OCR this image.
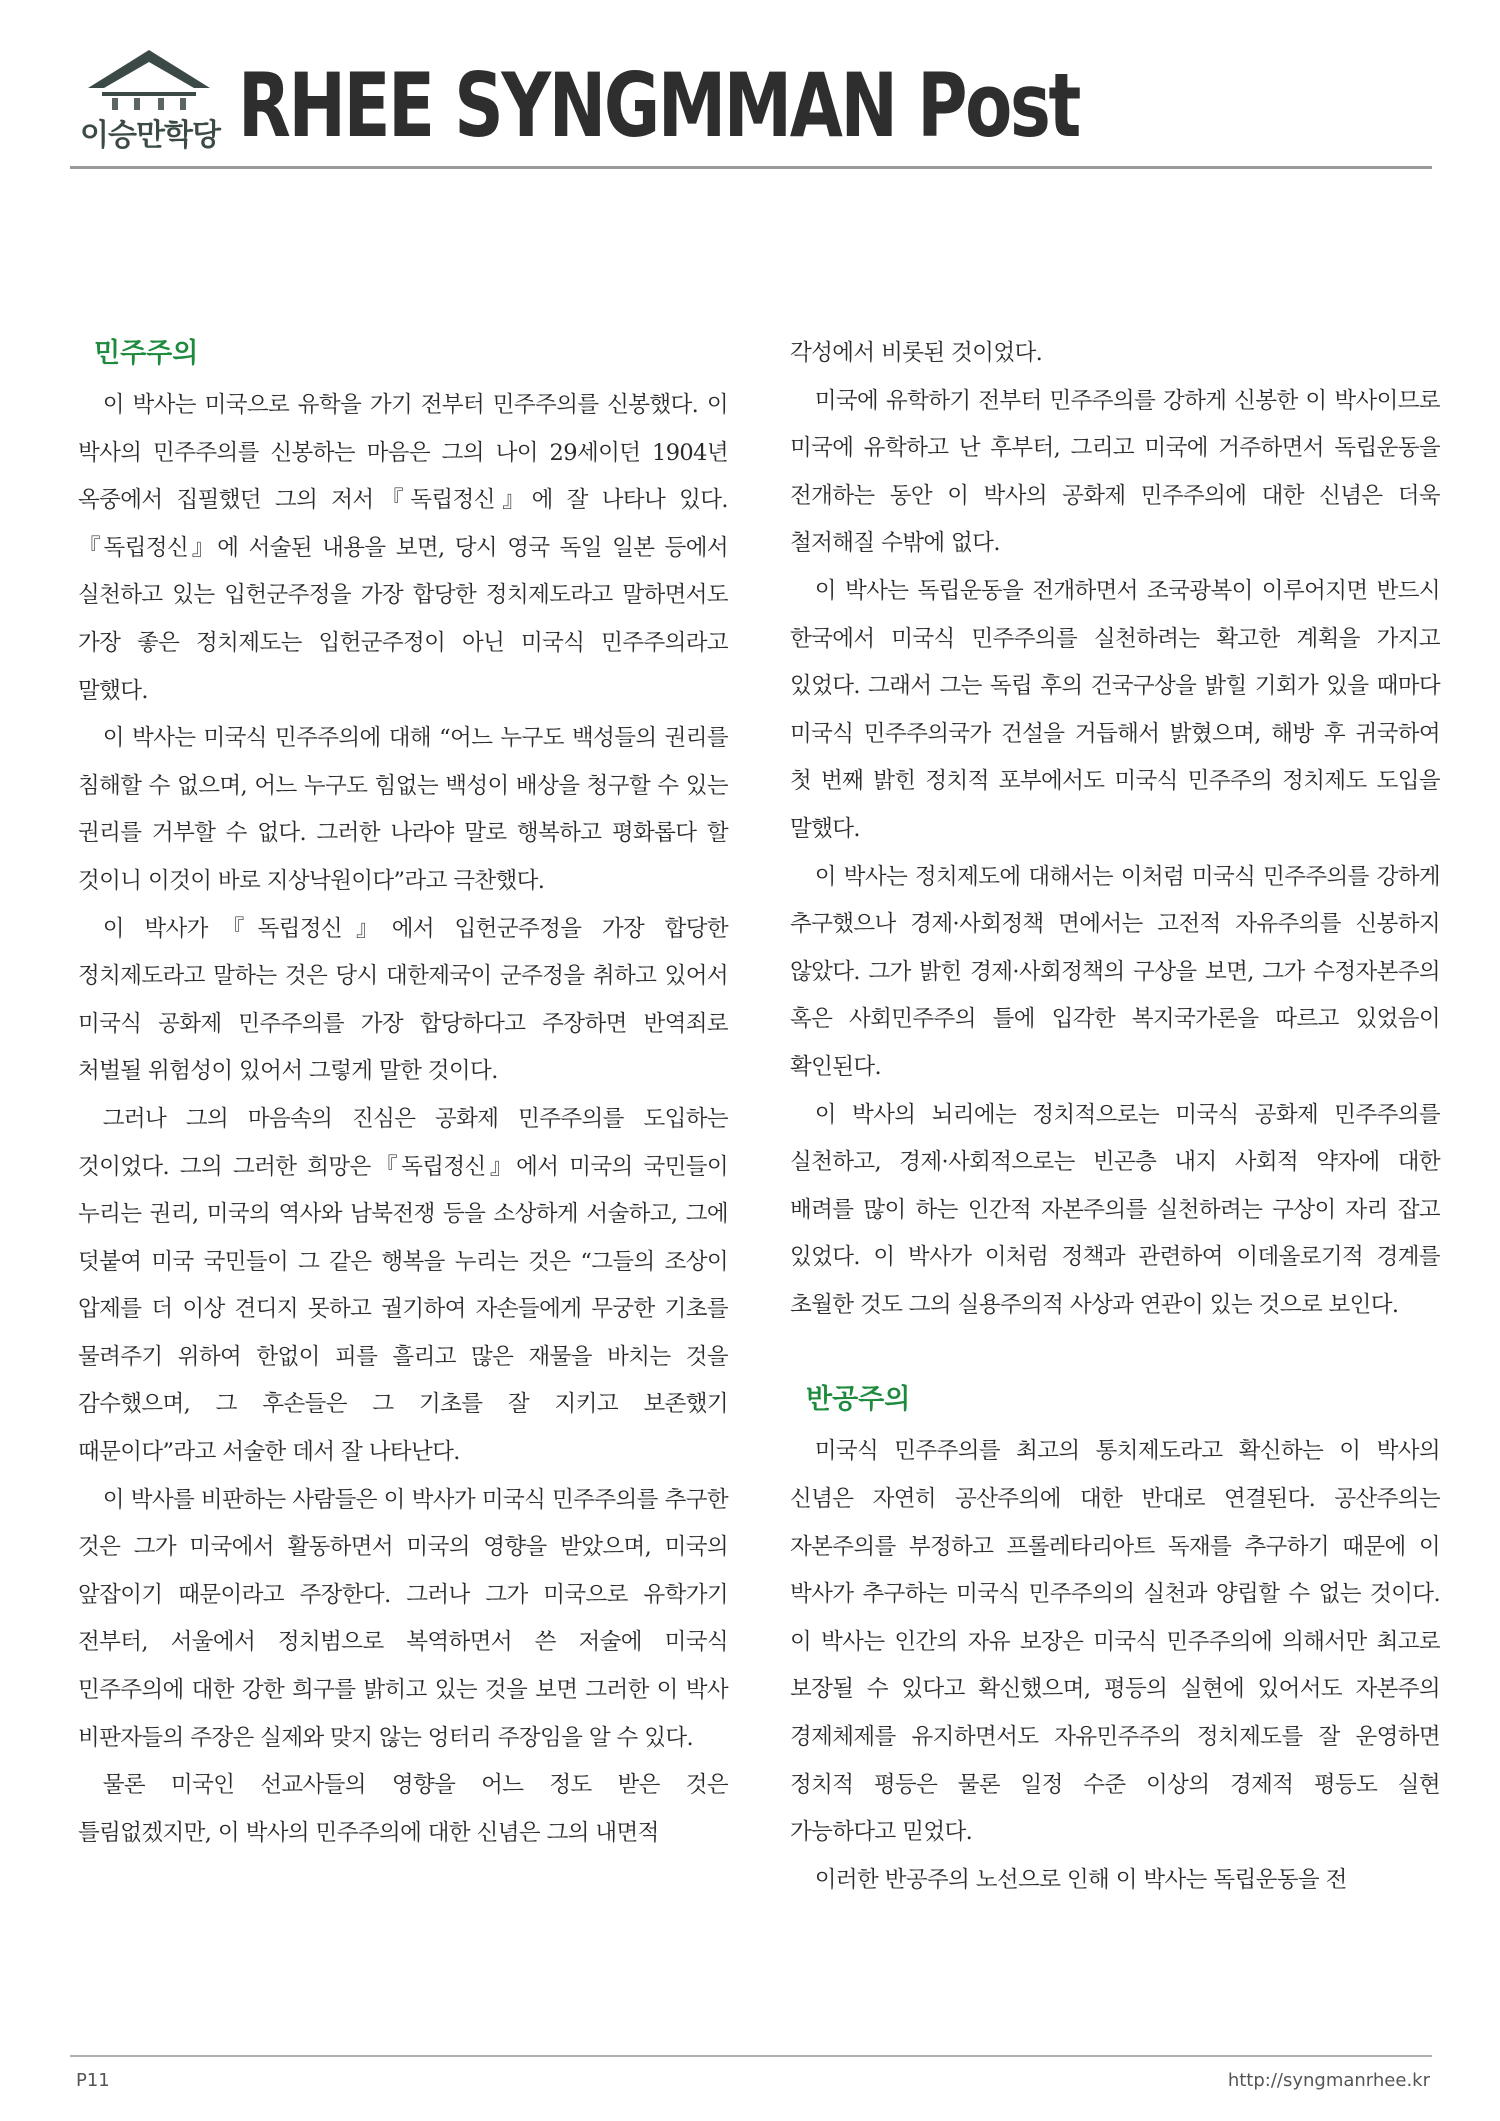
이승만학당 RHEE SYNGMMAN Post
민주주의

이 박사는 미국으로 유학을 가기 전부터 민주주의를 신봉했다. 이 박사의 민주주의를 신봉하는 마음은 그의 나이 29세이던 1904년 옥중에서 집필했던 그의 저서『독립정신』에 잘 나타나 있다.『독립정신』에 서술된 내용을 보면, 당시 영국 독일 일본 등에서 실천하고 있는 입헌군주정을 가장 합당한 정치제도라고 말하면서도 가장 좋은 정치제도는 입헌군주정이 아닌 미국식 민주주의라고 말했다.

이 박사는 미국식 민주주의에 대해 “어느 누구도 백성들의 권리를 침해할 수 없으며, 어느 누구도 힘없는 백성이 배상을 청구할 수 있는 권리를 거부할 수 없다. 그러한 나라야 말로 행복하고 평화롭다 할 것이니 이것이 바로 지상낙원이다”라고 극찬했다.

이 박사가『독립정신』에서 입헌군주정을 가장 합당한 정치제도라고 말하는 것은 당시 대한제국이 군주정을 취하고 있어서 미국식 공화제 민주주의를 가장 합당하다고 주장하면 반역죄로 처벌될 위험성이 있어서 그렇게 말한 것이다.

그러나 그의 마음속의 진심은 공화제 민주주의를 도입하는 것이었다. 그의 그러한 희망은『독립정신』에서 미국의 국민들이 누리는 권리, 미국의 역사와 남북전쟁 등을 소상하게 서술하고, 그에 덧붙여 미국 국민들이 그 같은 행복을 누리는 것은 “그들의 조상이 압제를 더 이상 견디지 못하고 궐기하여 자손들에게 무궁한 기초를 물려주기 위하여 한없이 피를 흘리고 많은 재물을 바치는 것을 감수했으며, 그 후손들은 그 기초를 잘 지키고 보존했기 때문이다”라고 서술한 데서 잘 나타난다.

이 박사를 비판하는 사람들은 이 박사가 미국식 민주주의를 추구한 것은 그가 미국에서 활동하면서 미국의 영향을 받았으며, 미국의 앞잡이기 때문이라고 주장한다. 그러나 그가 미국으로 유학가기 전부터, 서울에서 정치범으로 복역하면서 쓴 저술에 미국식 민주주의에 대한 강한 희구를 밝히고 있는 것을 보면 그러한 이 박사 비판자들의 주장은 실제와 맞지 않는 엉터리 주장임을 알 수 있다.

물론 미국인 선교사들의 영향을 어느 정도 받은 것은 틀림없겠지만, 이 박사의 민주주의에 대한 신념은 그의 내면적

각성에서 비롯된 것이었다.

미국에 유학하기 전부터 민주주의를 강하게 신봉한 이 박사이므로 미국에 유학하고 난 후부터, 그리고 미국에 거주하면서 독립운동을 전개하는 동안 이 박사의 공화제 민주주의에 대한 신념은 더욱 철저해질 수밖에 없다.

이 박사는 독립운동을 전개하면서 조국광복이 이루어지면 반드시 한국에서 미국식 민주주의를 실천하려는 확고한 계획을 가지고 있었다. 그래서 그는 독립 후의 건국구상을 밝힐 기회가 있을 때마다 미국식 민주주의국가 건설을 거듭해서 밝혔으며, 해방 후 귀국하여 첫 번째 밝힌 정치적 포부에서도 미국식 민주주의 정치제도 도입을 말했다.

이 박사는 정치제도에 대해서는 이처럼 미국식 민주주의를 강하게 추구했으나 경제·사회정책 면에서는 고전적 자유주의를 신봉하지 않았다. 그가 밝힌 경제·사회정책의 구상을 보면, 그가 수정자본주의 혹은 사회민주주의 틀에 입각한 복지국가론을 따르고 있었음이 확인된다.

이 박사의 뇌리에는 정치적으로는 미국식 공화제 민주주의를 실천하고, 경제·사회적으로는 빈곤층 내지 사회적 약자에 대한 배려를 많이 하는 인간적 자본주의를 실천하려는 구상이 자리 잡고 있었다. 이 박사가 이처럼 정책과 관련하여 이데올로기적 경계를 초월한 것도 그의 실용주의적 사상과 연관이 있는 것으로 보인다.

반공주의

미국식 민주주의를 최고의 통치제도라고 확신하는 이 박사의 신념은 자연히 공산주의에 대한 반대로 연결된다. 공산주의는 자본주의를 부정하고 프롤레타리아트 독재를 추구하기 때문에 이 박사가 추구하는 미국식 민주주의의 실천과 양립할 수 없는 것이다. 이 박사는 인간의 자유 보장은 미국식 민주주의에 의해서만 최고로 보장될 수 있다고 확신했으며, 평등의 실현에 있어서도 자본주의 경제체제를 유지하면서도 자유민주주의 정치제도를 잘 운영하면 정치적 평등은 물론 일정 수준 이상의 경제적 평등도 실현 가능하다고 믿었다.

이러한 반공주의 노선으로 인해 이 박사는 독립운동을 전

P11	http://syngmanrhee.kr
